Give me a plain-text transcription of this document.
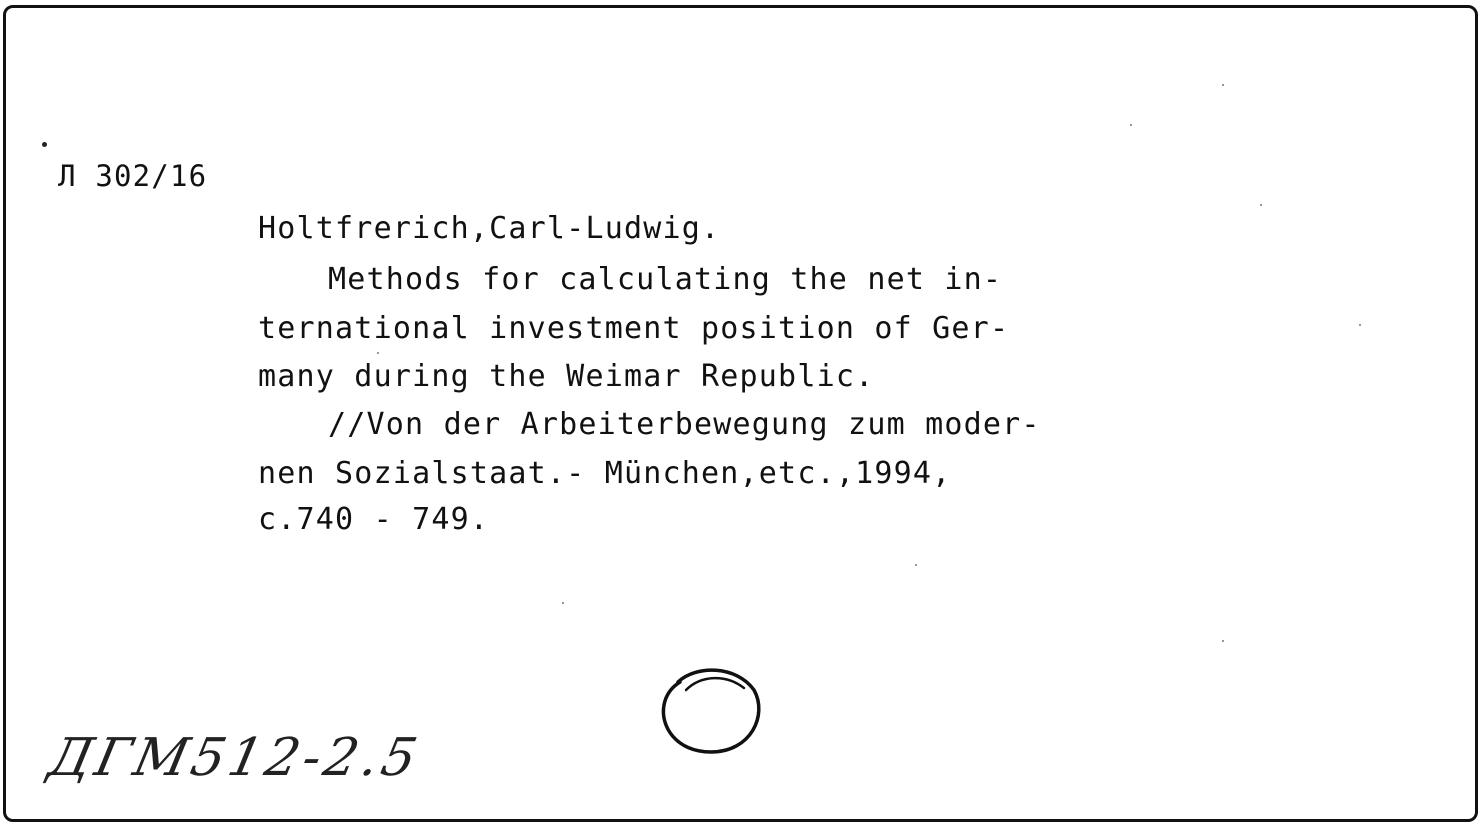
Л 302/16
Holtfrerich,Carl-Ludwig.
Methods for calculating the net in-
ternational investment position of Ger-
many during the Weimar Republic.
//Von der Arbeiterbewegung zum moder-
nen Sozialstaat.- München,etc.,1994,
c.740 - 749.
ДГМ512-2.5
